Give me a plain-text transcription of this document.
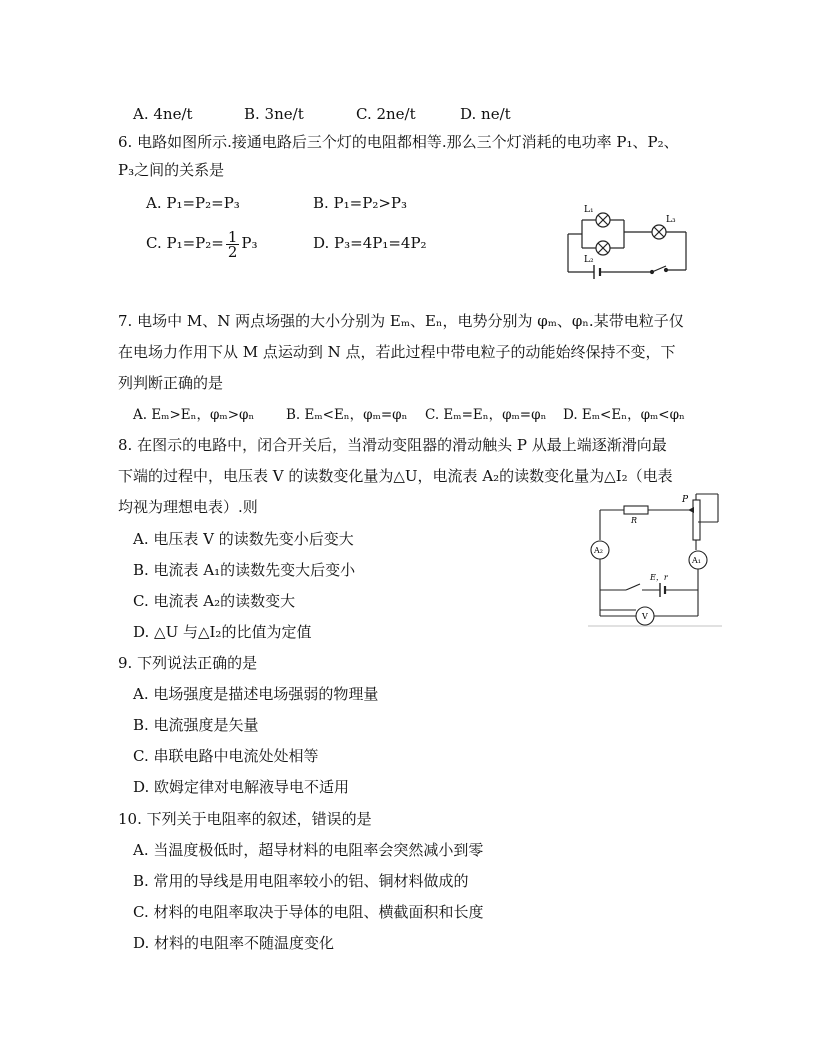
A. 4ne/t	B. 3ne/t	C. 2ne/t	D. ne/t
6. 电路如图所示.接通电路后三个灯的电阻都相等.那么三个灯消耗的电功率 P₁、P₂、
P₃之间的关系是
A. P₁=P₂=P₃	B. P₁=P₂>P₃
C. $P_1=P_2= \frac{1}{2} P_3$	D. P₃=4P₁=4P₂
L₁
L₂
L₃
7. 电场中 M、N 两点场强的大小分别为 Eₘ、Eₙ，电势分别为 φₘ、φₙ.某带电粒子仅
在电场力作用下从 M 点运动到 N 点，若此过程中带电粒子的动能始终保持不变，下
列判断正确的是
A. Eₘ>Eₙ，φₘ>φₙ B. Eₘ<Eₙ，φₘ=φₙ C. Eₘ=Eₙ，φₘ=φₙ D. Eₘ<Eₙ，φₘ<φₙ
8. 在图示的电路中，闭合开关后，当滑动变阻器的滑动触头 P 从最上端逐渐滑向最
下端的过程中，电压表 V 的读数变化量为△U，电流表 A₂的读数变化量为△I₂（电表
均视为理想电表）.则
A. 电压表 V 的读数先变小后变大
B. 电流表 A₁的读数先变大后变小
C. 电流表 A₂的读数变大
D. △U 与△I₂的比值为定值
P
R
A₂
A₁
E，r
V
9. 下列说法正确的是
A. 电场强度是描述电场强弱的物理量
B. 电流强度是矢量
C. 串联电路中电流处处相等
D. 欧姆定律对电解液导电不适用
10. 下列关于电阻率的叙述，错误的是
A. 当温度极低时，超导材料的电阻率会突然减小到零
B. 常用的导线是用电阻率较小的铝、铜材料做成的
C. 材料的电阻率取决于导体的电阻、横截面积和长度
D. 材料的电阻率不随温度变化
